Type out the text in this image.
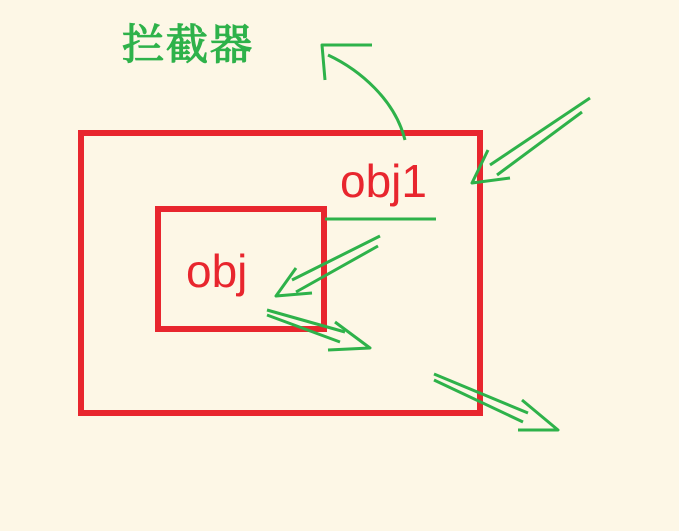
拦截器
obj1
obj
